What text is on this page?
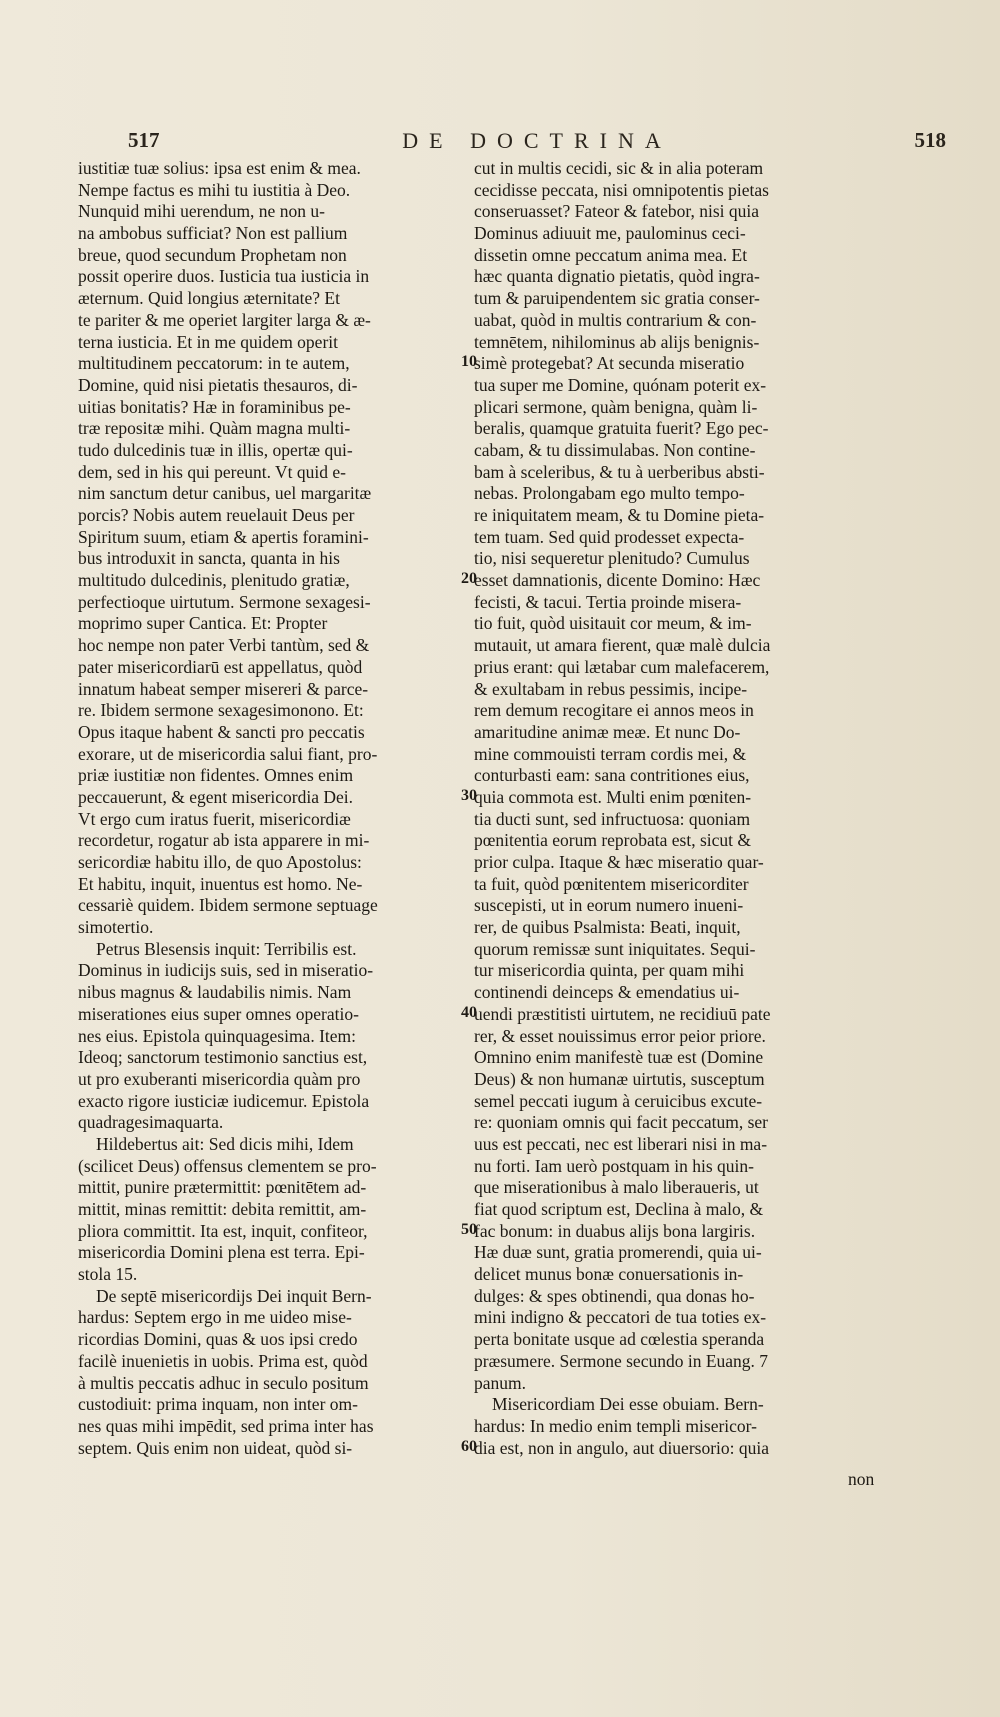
517	DE DOCTRINA	518
iustitiæ tuæ solius: ipsa est enim & mea.
Nempe factus es mihi tu iustitia à Deo.
Nunquid mihi uerendum, ne non u-
na ambobus sufficiat? Non est pallium
breue, quod secundum Prophetam non
possit operire duos. Iusticia tua iusticia in
æternum. Quid longius æternitate? Et
te pariter & me operiet largiter larga & æ-
terna iusticia. Et in me quidem operit
multitudinem peccatorum: in te autem,
Domine, quid nisi pietatis thesauros, di-
uitias bonitatis? Hæ in foraminibus pe-
træ repositæ mihi. Quàm magna multi-
tudo dulcedinis tuæ in illis, opertæ qui-
dem, sed in his qui pereunt. Vt quid e-
nim sanctum detur canibus, uel margaritæ
porcis? Nobis autem reuelauit Deus per
Spiritum suum, etiam & apertis foramini-
bus introduxit in sancta, quanta in his
multitudo dulcedinis, plenitudo gratiæ,
perfectioque uirtutum. Sermone sexagesi-
moprimo super Cantica. Et: Propter
hoc nempe non pater Verbi tantùm, sed &
pater misericordiarū est appellatus, quòd
innatum habeat semper misereri & parce-
re. Ibidem sermone sexagesimonono. Et:
Opus itaque habent & sancti pro peccatis
exorare, ut de misericordia salui fiant, pro-
priæ iustitiæ non fidentes. Omnes enim
peccauerunt, & egent misericordia Dei.
Vt ergo cum iratus fuerit, misericordiæ
recordetur, rogatur ab ista apparere in mi-
sericordiæ habitu illo, de quo Apostolus:
Et habitu, inquit, inuentus est homo. Ne-
cessariè quidem. Ibidem sermone septuage
simotertio.
Petrus Blesensis inquit: Terribilis est.
Dominus in iudicijs suis, sed in miseratio-
nibus magnus & laudabilis nimis. Nam
miserationes eius super omnes operatio-
nes eius. Epistola quinquagesima. Item:
Ideoq; sanctorum testimonio sanctius est,
ut pro exuberanti misericordia quàm pro
exacto rigore iusticiæ iudicemur. Epistola
quadragesimaquarta.
Hildebertus ait: Sed dicis mihi, Idem
(scilicet Deus) offensus clementem se pro-
mittit, punire prætermittit: pœnitētem ad-
mittit, minas remittit: debita remittit, am-
pliora committit. Ita est, inquit, confiteor,
misericordia Domini plena est terra. Epi-
stola 15.
De septē misericordijs Dei inquit Bern-
hardus: Septem ergo in me uideo mise-
ricordias Domini, quas & uos ipsi credo
facilè inuenietis in uobis. Prima est, quòd
à multis peccatis adhuc in seculo positum
custodiuit: prima inquam, non inter om-
nes quas mihi impēdit, sed prima inter has
septem. Quis enim non uideat, quòd si-
cut in multis cecidi, sic & in alia poteram
cecidisse peccata, nisi omnipotentis pietas
conseruasset? Fateor & fatebor, nisi quia
Dominus adiuuit me, paulominus ceci-
dissetin omne peccatum anima mea. Et
hæc quanta dignatio pietatis, quòd ingra-
tum & paruipendentem sic gratia conser-
uabat, quòd in multis contrarium & con-
temnētem, nihilominus ab alijs benignis-
simè protegebat? At secunda miseratio
tua super me Domine, quónam poterit ex-
plicari sermone, quàm benigna, quàm li-
beralis, quamque gratuita fuerit? Ego pec-
cabam, & tu dissimulabas. Non contine-
bam à sceleribus, & tu à uerberibus absti-
nebas. Prolongabam ego multo tempo-
re iniquitatem meam, & tu Domine pieta-
tem tuam. Sed quid prodesset expecta-
tio, nisi sequeretur plenitudo? Cumulus
esset damnationis, dicente Domino: Hæc
fecisti, & tacui. Tertia proinde misera-
tio fuit, quòd uisitauit cor meum, & im-
mutauit, ut amara fierent, quæ malè dulcia
prius erant: qui lætabar cum malefacerem,
& exultabam in rebus pessimis, incipe-
rem demum recogitare ei annos meos in
amaritudine animæ meæ. Et nunc Do-
mine commouisti terram cordis mei, &
conturbasti eam: sana contritiones eius,
quia commota est. Multi enim pœniten-
tia ducti sunt, sed infructuosa: quoniam
pœnitentia eorum reprobata est, sicut &
prior culpa. Itaque & hæc miseratio quar-
ta fuit, quòd pœnitentem misericorditer
suscepisti, ut in eorum numero inueni-
rer, de quibus Psalmista: Beati, inquit,
quorum remissæ sunt iniquitates. Sequi-
tur misericordia quinta, per quam mihi
continendi deinceps & emendatius ui-
uendi præstitisti uirtutem, ne recidiuū pate
rer, & esset nouissimus error peior priore.
Omnino enim manifestè tuæ est (Domine
Deus) & non humanæ uirtutis, susceptum
semel peccati iugum à ceruicibus excute-
re: quoniam omnis qui facit peccatum, ser
uus est peccati, nec est liberari nisi in ma-
nu forti. Iam uerò postquam in his quin-
que miserationibus à malo liberaueris, ut
fiat quod scriptum est, Declina à malo, &
fac bonum: in duabus alijs bona largiris.
Hæ duæ sunt, gratia promerendi, quia ui-
delicet munus bonæ conuersationis in-
dulges: & spes obtinendi, qua donas ho-
mini indigno & peccatori de tua toties ex-
perta bonitate usque ad cœlestia speranda
præsumere. Sermone secundo in Euang. 7
panum.
Misericordiam Dei esse obuiam. Bern-
hardus: In medio enim templi misericor-
dia est, non in angulo, aut diuersorio: quia
10
20
30
40
50
60
non
